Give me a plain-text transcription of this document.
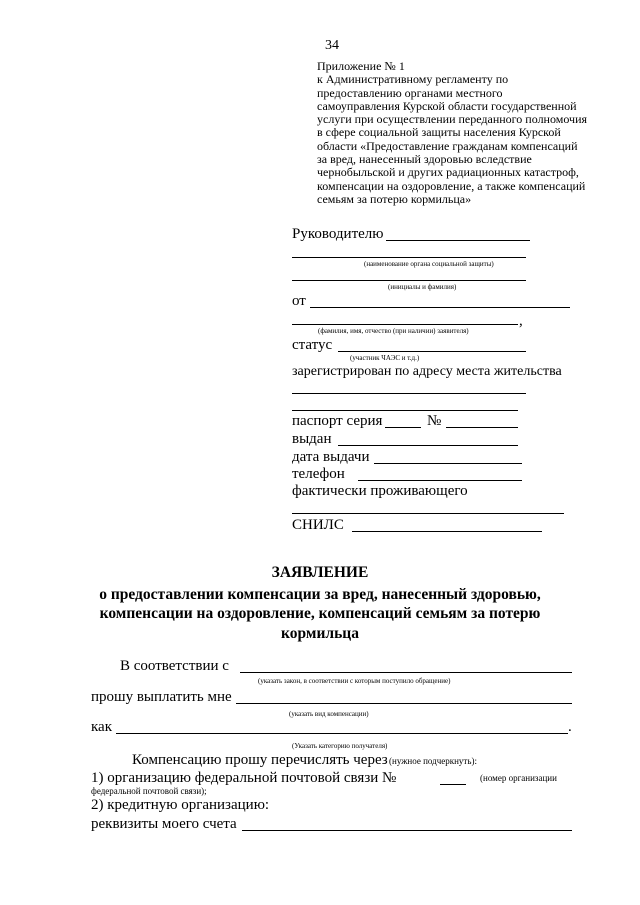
34
Приложение № 1
к Административному регламенту по предоставлению органами местного самоуправления Курской области государственной услуги при осуществлении переданного полномочия в сфере социальной защиты населения Курской области «Предоставление гражданам компенсаций за вред, нанесенный здоровью вследствие чернобыльской и других радиационных катастроф, компенсации на оздоровление, а также компенсаций семьям за потерю кормильца»
Руководителю
(наименование органа социальной защиты)
(инициалы и фамилия)
от
,
(фамилия, имя, отчество (при наличии) заявителя)
статус
(участник ЧАЭС и т.д.)
зарегистрирован по адресу места жительства
паспорт серия	№
выдан
дата выдачи
телефон
фактически проживающего
СНИЛС
ЗАЯВЛЕНИЕ
о предоставлении компенсации за вред, нанесенный здоровью,
компенсации на оздоровление, компенсаций семьям за потерю
кормильца
В соответствии с
(указать закон, в соответствии с которым поступило обращение)
прошу выплатить мне
(указать вид компенсации)
как	.
(Указать категорию получателя)
Компенсацию прошу перечислять через (нужное подчеркнуть):
1) организацию федеральной почтовой связи №	(номер организации
федеральной почтовой связи);
2) кредитную организацию:
реквизиты моего счета
